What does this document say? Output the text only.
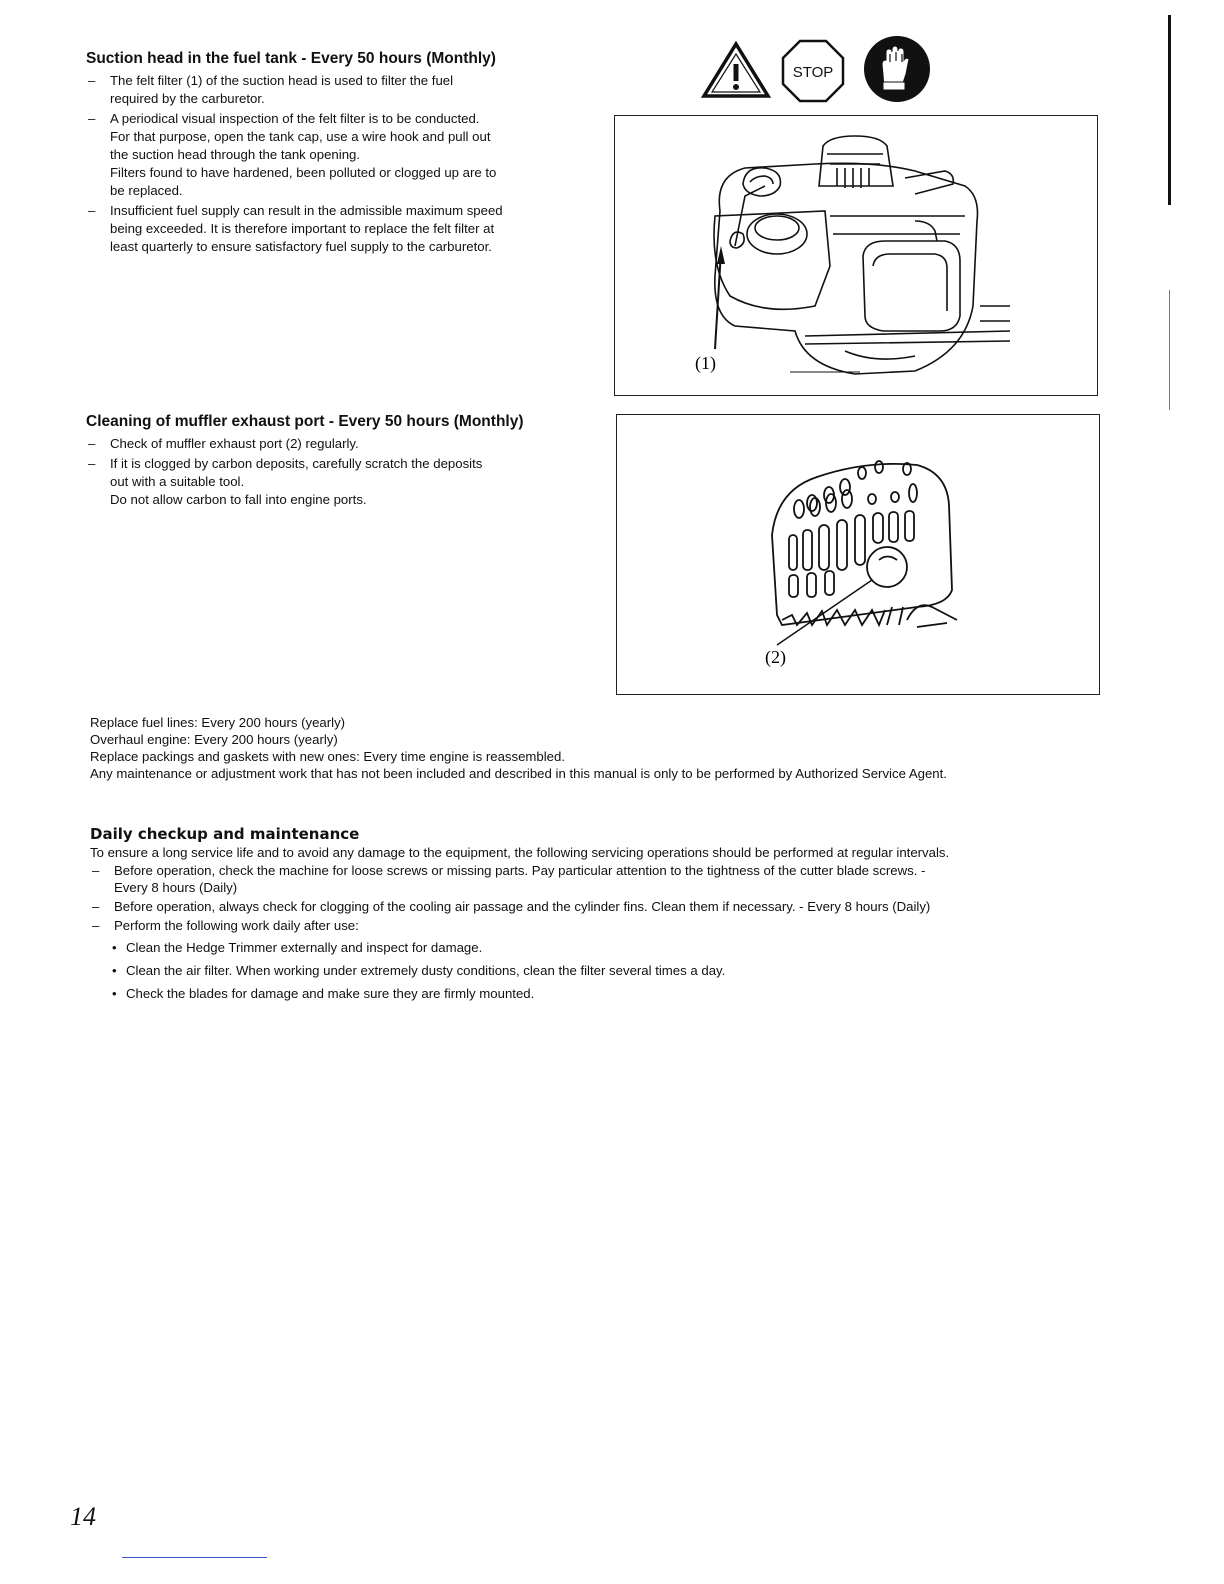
Suction head in the fuel tank - Every 50 hours (Monthly)
– The felt filter (1) of the suction head is used to filter the fuel
required by the carburetor.
– A periodical visual inspection of the felt filter is to be conducted.
For that purpose, open the tank cap, use a wire hook and pull out
the suction head through the tank opening.
Filters found to have hardened, been polluted or clogged up are to
be replaced.
– Insufficient fuel supply can result in the admissible maximum speed
being exceeded. It is therefore important to replace the felt filter at
least quarterly to ensure satisfactory fuel supply to the carburetor.
STOP
(1)
Cleaning of muffler exhaust port - Every 50 hours (Monthly)
– Check of muffler exhaust port (2) regularly.
– If it is clogged by carbon deposits, carefully scratch the deposits
out with a suitable tool.
Do not allow carbon to fall into engine ports.
(2)
Replace fuel lines: Every 200 hours (yearly)
Overhaul engine: Every 200 hours (yearly)
Replace packings and gaskets with new ones: Every time engine is reassembled.
Any maintenance or adjustment work that has not been included and described in this manual is only to be performed by Authorized Service Agent.
Daily checkup and maintenance
To ensure a long service life and to avoid any damage to the equipment, the following servicing operations should be performed at regular intervals.
– Before operation, check the machine for loose screws or missing parts. Pay particular attention to the tightness of the cutter blade screws. -
Every 8 hours (Daily)
– Before operation, always check for clogging of the cooling air passage and the cylinder fins. Clean them if necessary. - Every 8 hours (Daily)
– Perform the following work daily after use:
• Clean the Hedge Trimmer externally and inspect for damage.
• Clean the air filter. When working under extremely dusty conditions, clean the filter several times a day.
• Check the blades for damage and make sure they are firmly mounted.
14
